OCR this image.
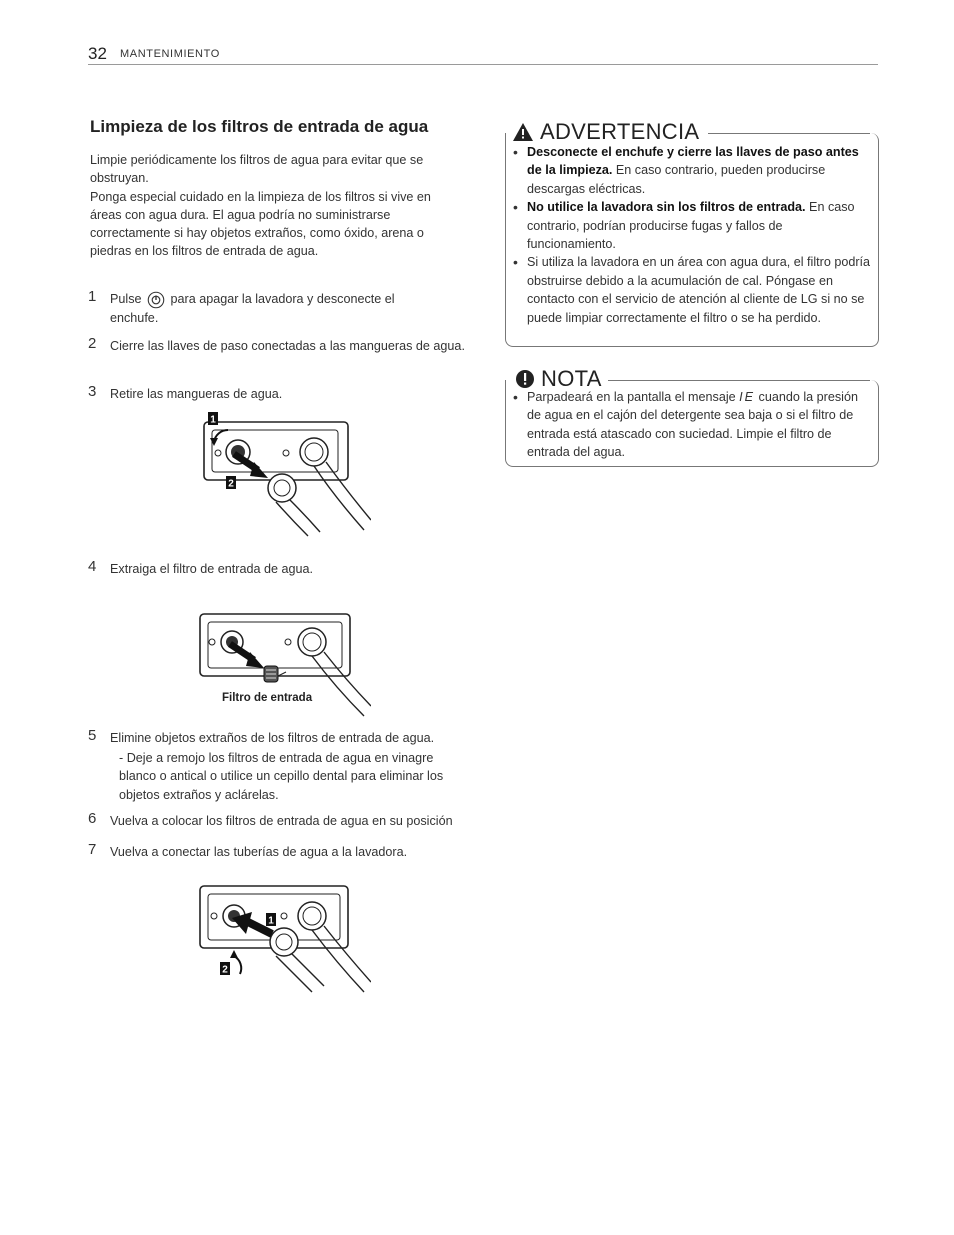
32 MANTENIMIENTO
Limpieza de los filtros de entrada de agua
Limpie periódicamente los filtros de agua para evitar que se obstruyan.
Ponga especial cuidado en la limpieza de los filtros si vive en áreas con agua dura. El agua podría no suministrarse correctamente si hay objetos extraños, como óxido, arena o piedras en los filtros de entrada de agua.
1 Pulse para apagar la lavadora y desconecte el enchufe.
2 Cierre las llaves de paso conectadas a las mangueras de agua.
3 Retire las mangueras de agua.
1
2
4 Extraiga el filtro de entrada de agua.
Filtro de entrada
5 Elimine objetos extraños de los filtros de entrada de agua.
- Deje a remojo los filtros de entrada de agua en vinagre blanco o antical o utilice un cepillo dental para eliminar los objetos extraños y aclárelas.
6 Vuelva a colocar los filtros de entrada de agua en su posición
7 Vuelva a conectar las tuberías de agua a la lavadora.
1
2
ADVERTENCIA
• Desconecte el enchufe y cierre las llaves de paso antes de la limpieza. En caso contrario, pueden producirse descargas eléctricas.
• No utilice la lavadora sin los filtros de entrada. En caso contrario, podrían producirse fugas y fallos de funcionamiento.
• Si utiliza la lavadora en un área con agua dura, el filtro podría obstruirse debido a la acumulación de cal. Póngase en contacto con el servicio de atención al cliente de LG si no se puede limpiar correctamente el filtro o se ha perdido.
NOTA
• Parpadeará en la pantalla el mensaje IE cuando la presión de agua en el cajón del detergente sea baja o si el filtro de entrada está atascado con suciedad. Limpie el filtro de entrada del agua.
